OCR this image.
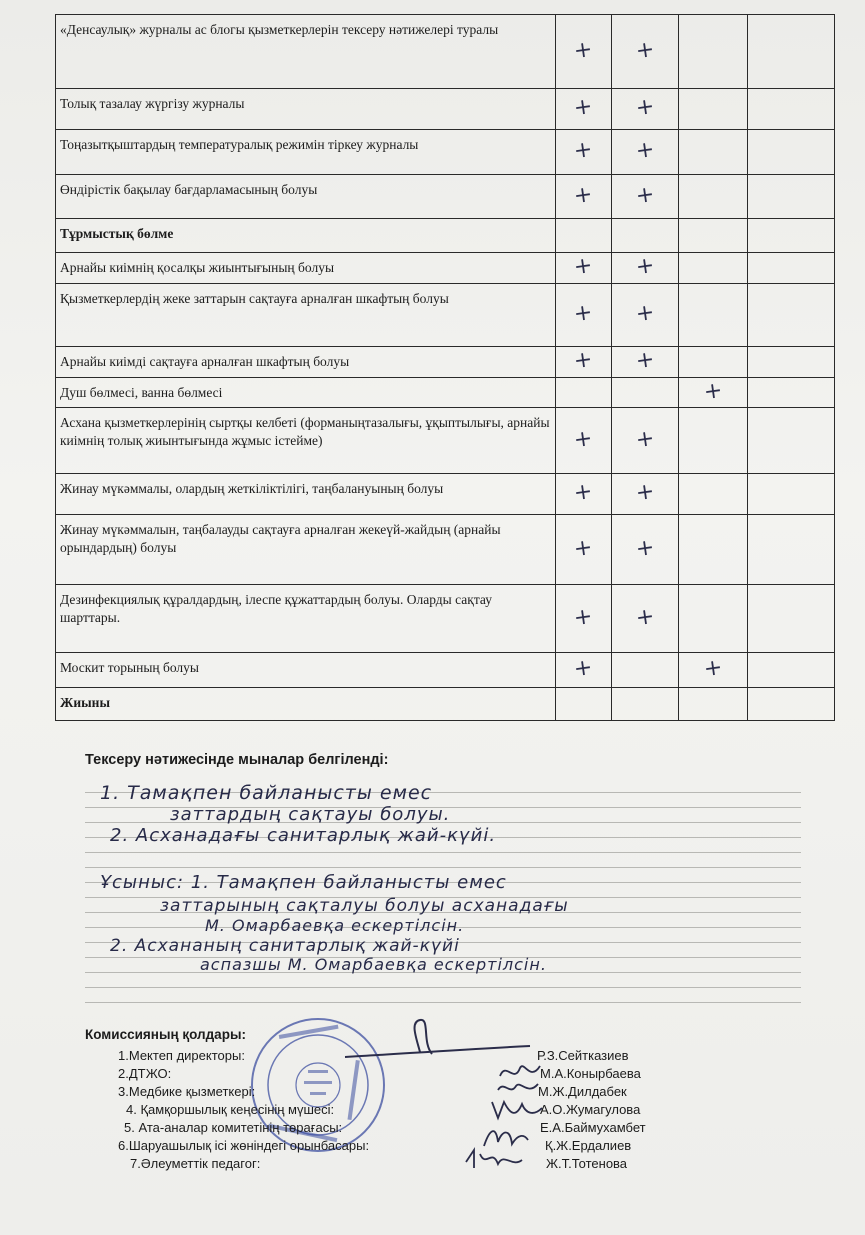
«Денсаулық» журналы ас блогы қызметкерлерін тексеру нәтижелері туралы	+	+		

Толық тазалау жүргізу журналы	+	+		

Тоңазытқыштардың температуралық режимін тіркеу журналы	+	+		

Өндірістік бақылау бағдарламасының болуы	+	+		

Тұрмыстық бөлме				

Арнайы киімнің қосалқы жиынтығының болуы	+	+		

Қызметкерлердің жеке заттарын сақтауға арналған шкафтың болуы	+	+		

Арнайы киімді сақтауға арналған шкафтың болуы	+	+		

Душ бөлмесі, ванна бөлмесі			+	

Асхана қызметкерлерінің сыртқы келбеті (форманыңтазалығы, ұқыптылығы, арнайы киімнің толық жиынтығында жұмыс істейме)	+	+		

Жинау мүкәммалы, олардың жеткіліктілігі, таңбалануының болуы	+	+		

Жинау мүкәммалын, таңбалауды сақтауға арналған жекеүй-жайдың (арнайы орындардың) болуы	+	+		

Дезинфекциялық құралдардың, ілеспе құжаттардың болуы. Оларды сақтау шарттары.	+	+		

Москит торының болуы	+		+	

Жиыны				

Тексеру нәтижесінде мыналар белгіленді:
1. Тамақпен байланысты емес
заттардың сақтауы болуы.
2. Асханадағы санитарлық жай-күйі.
Ұсыныс: 1. Тамақпен байланысты емес
заттарының сақталуы болуы асханадағы
М. Омарбаевқа ескертілсін.
2. Асхананың санитарлық жай-күйі
аспазшы М. Омарбаевқа ескертілсін.
Комиссияның қолдары:
1.Мектеп директоры:	Р.З.Сейтказиев
2.ДТЖО:	М.А.Конырбаева
3.Медбике қызметкері:	М.Ж.Дилдабек
4. Қамқоршылық кеңесінің мүшесі:	А.О.Жумагулова
5. Ата-аналар комитетінің төрағасы:	Е.А.Баймухамбет
6.Шаруашылық ісі жөніндегі орынбасары:	Қ.Ж.Ердалиев
7.Әлеуметтік педагог:	Ж.Т.Тотенова
